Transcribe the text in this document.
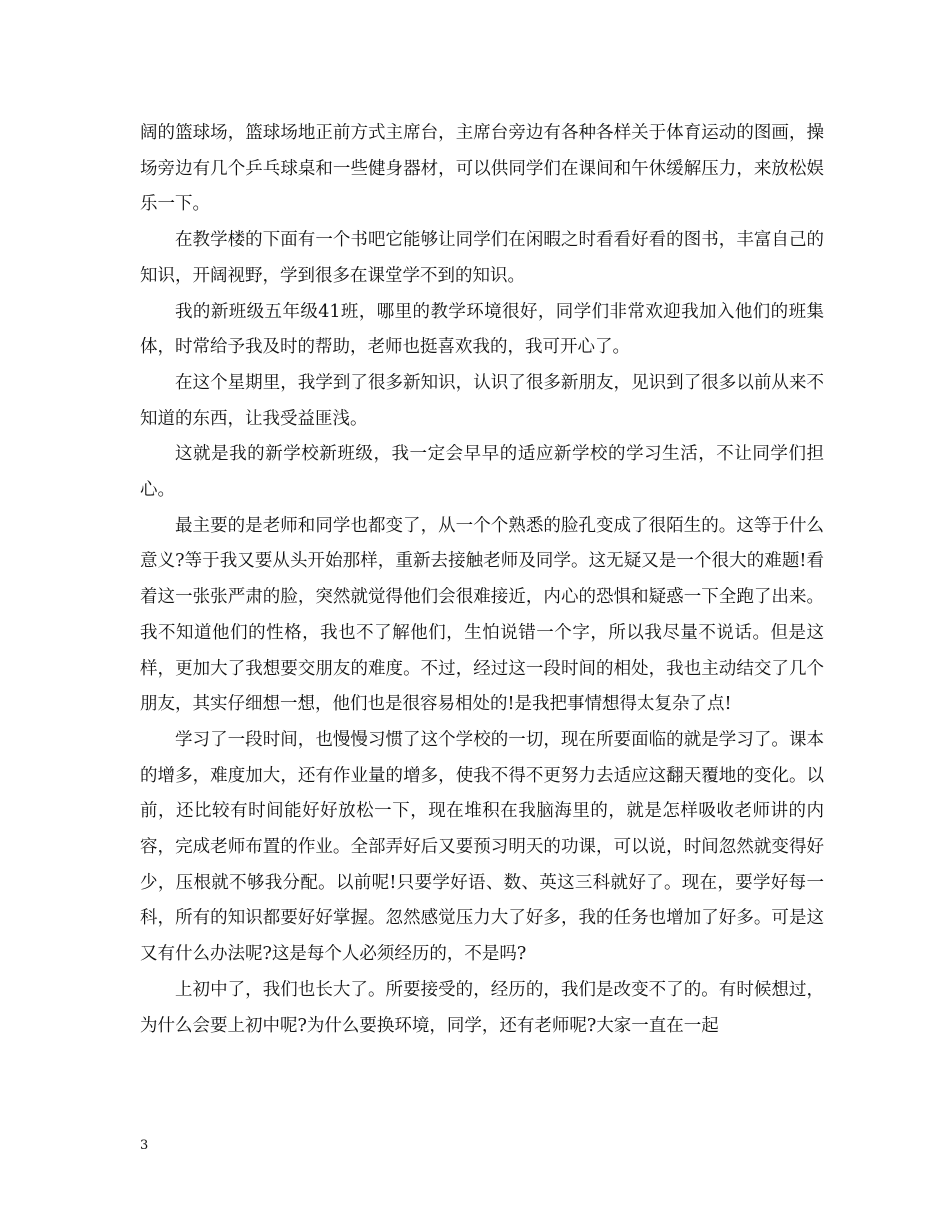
阔的篮球场，篮球场地正前方式主席台，主席台旁边有各种各样关于体育运动的图画，操场旁边有几个乒乓球桌和一些健身器材，可以供同学们在课间和午休缓解压力，来放松娱乐一下。

在教学楼的下面有一个书吧它能够让同学们在闲暇之时看看好看的图书，丰富自己的知识，开阔视野，学到很多在课堂学不到的知识。

我的新班级五年级41班，哪里的教学环境很好，同学们非常欢迎我加入他们的班集体，时常给予我及时的帮助，老师也挺喜欢我的，我可开心了。

在这个星期里，我学到了很多新知识，认识了很多新朋友，见识到了很多以前从来不知道的东西，让我受益匪浅。

这就是我的新学校新班级，我一定会早早的适应新学校的学习生活，不让同学们担心。

最主要的是老师和同学也都变了，从一个个熟悉的脸孔变成了很陌生的。这等于什么意义?等于我又要从头开始那样，重新去接触老师及同学。这无疑又是一个很大的难题!看着这一张张严肃的脸，突然就觉得他们会很难接近，内心的恐惧和疑惑一下全跑了出来。我不知道他们的性格，我也不了解他们，生怕说错一个字，所以我尽量不说话。但是这样，更加大了我想要交朋友的难度。不过，经过这一段时间的相处，我也主动结交了几个朋友，其实仔细想一想，他们也是很容易相处的!是我把事情想得太复杂了点!

学习了一段时间，也慢慢习惯了这个学校的一切，现在所要面临的就是学习了。课本的增多，难度加大，还有作业量的增多，使我不得不更努力去适应这翻天覆地的变化。以前，还比较有时间能好好放松一下，现在堆积在我脑海里的，就是怎样吸收老师讲的内容，完成老师布置的作业。全部弄好后又要预习明天的功课，可以说，时间忽然就变得好少，压根就不够我分配。以前呢!只要学好语、数、英这三科就好了。现在，要学好每一科，所有的知识都要好好掌握。忽然感觉压力大了好多，我的任务也增加了好多。可是这又有什么办法呢?这是每个人必须经历的，不是吗?

上初中了，我们也长大了。所要接受的，经历的，我们是改变不了的。有时候想过，为什么会要上初中呢?为什么要换环境，同学，还有老师呢?大家一直在一起

3
